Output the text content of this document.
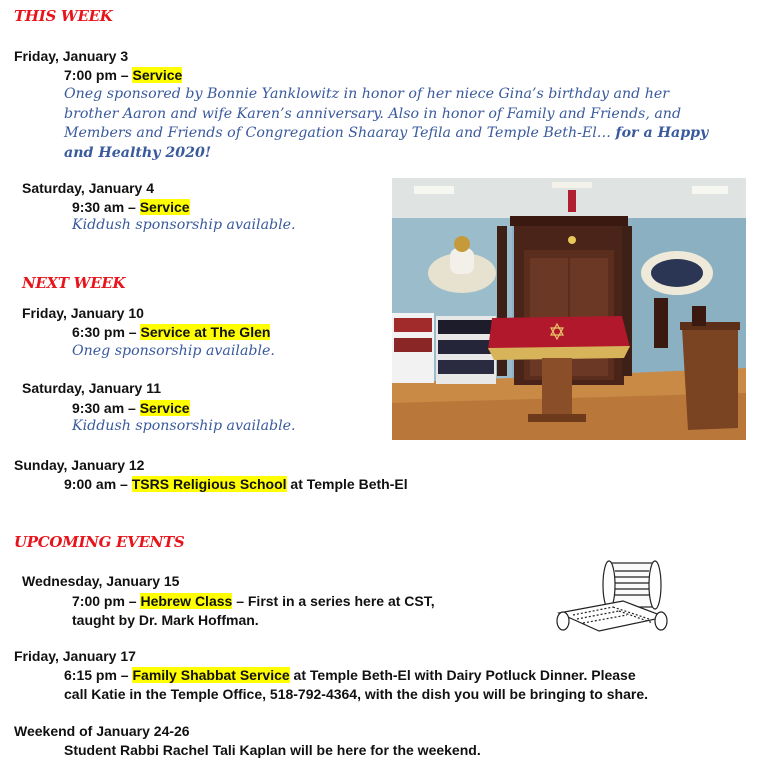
THIS WEEK
Friday, January 3
7:00 pm – Service
Oneg sponsored by Bonnie Yanklowitz in honor of her niece Gina’s birthday and her
brother Aaron and wife Karen’s anniversary. Also in honor of Family and Friends, and
Members and Friends of Congregation Shaaray Tefila and Temple Beth-El… for a Happy
and Healthy 2020!
Saturday, January 4
9:30 am – Service
Kiddush sponsorship available.
NEXT WEEK
Friday, January 10
6:30 pm – Service at The Glen
Oneg sponsorship available.
Saturday, January 11
9:30 am – Service
Kiddush sponsorship available.
Sunday, January 12
9:00 am – TSRS Religious School at Temple Beth-El
UPCOMING EVENTS
Wednesday, January 15
7:00 pm – Hebrew Class – First in a series here at CST,
taught by Dr. Mark Hoffman.
Friday, January 17
6:15 pm – Family Shabbat Service at Temple Beth-El with Dairy Potluck Dinner. Please
call Katie in the Temple Office, 518-792-4364, with the dish you will be bringing to share.
Weekend of January 24-26
Student Rabbi Rachel Tali Kaplan will be here for the weekend.
